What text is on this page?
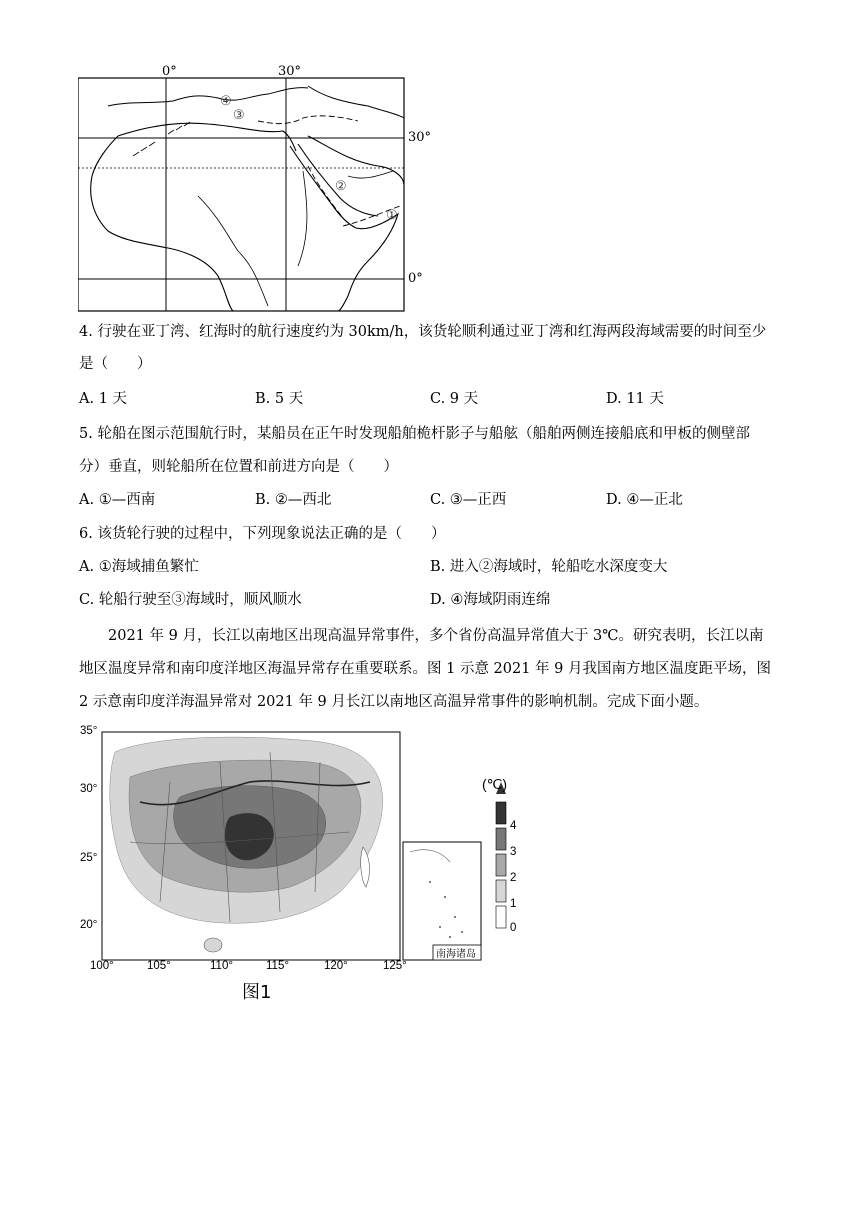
0°	30°
30°
0°
①
②
③
④
4. 行驶在亚丁湾、红海时的航行速度约为 30km/h，该货轮顺利通过亚丁湾和红海两段海域需要的时间至少
是（　　）
A. 1 天	B. 5 天	C. 9 天	D. 11 天
5. 轮船在图示范围航行时，某船员在正午时发现船舶桅杆影子与船舷（船舶两侧连接船底和甲板的侧壁部
分）垂直，则轮船所在位置和前进方向是（　　）
A. ①—西南	B. ②—西北	C. ③—正西	D. ④—正北
6. 该货轮行驶的过程中，下列现象说法正确的是（　　）
A. ①海域捕鱼繁忙	B. 进入②海域时，轮船吃水深度变大
C. 轮船行驶至③海域时，顺风顺水	D. ④海域阴雨连绵
2021 年 9 月，长江以南地区出现高温异常事件，多个省份高温异常值大于 3℃。研究表明，长江以南
地区温度异常和南印度洋地区海温异常存在重要联系。图 1 示意 2021 年 9 月我国南方地区温度距平场，图
2 示意南印度洋海温异常对 2021 年 9 月长江以南地区高温异常事件的影响机制。完成下面小题。
35°
30°
25°
20°
100°	105°	110°	115°	120°	125°
(℃)
4
3
2
1
0
南海诸岛
图1
